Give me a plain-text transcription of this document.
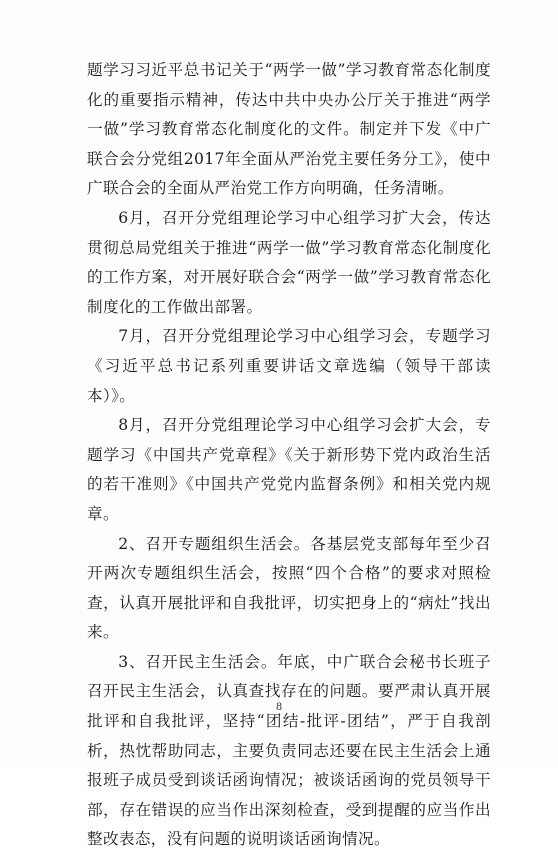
题学习习近平总书记关于“两学一做”学习教育常态化制度化的重要指示精神，传达中共中央办公厅关于推进“两学一做”学习教育常态化制度化的文件。制定并下发《中广联合会分党组2017年全面从严治党主要任务分工》，使中广联合会的全面从严治党工作方向明确，任务清晰。

6月，召开分党组理论学习中心组学习扩大会，传达贯彻总局党组关于推进“两学一做”学习教育常态化制度化的工作方案，对开展好联合会“两学一做”学习教育常态化制度化的工作做出部署。

7月，召开分党组理论学习中心组学习会，专题学习《习近平总书记系列重要讲话文章选编（领导干部读本）》。

8月，召开分党组理论学习中心组学习会扩大会，专题学习《中国共产党章程》《关于新形势下党内政治生活的若干准则》《中国共产党党内监督条例》和相关党内规章。

2、召开专题组织生活会。各基层党支部每年至少召开两次专题组织生活会，按照“四个合格”的要求对照检查，认真开展批评和自我批评，切实把身上的“病灶”找出来。

3、召开民主生活会。年底，中广联合会秘书长班子召开民主生活会，认真查找存在的问题。要严肃认真开展批评和自我批评，坚持“团结-批评-团结”，严于自我剖析，热忱帮助同志，主要负责同志还要在民主生活会上通报班子成员受到谈话函询情况；被谈话函询的党员领导干部，存在错误的应当作出深刻检查，受到提醒的应当作出整改表态，没有问题的说明谈话函询情况。

8
